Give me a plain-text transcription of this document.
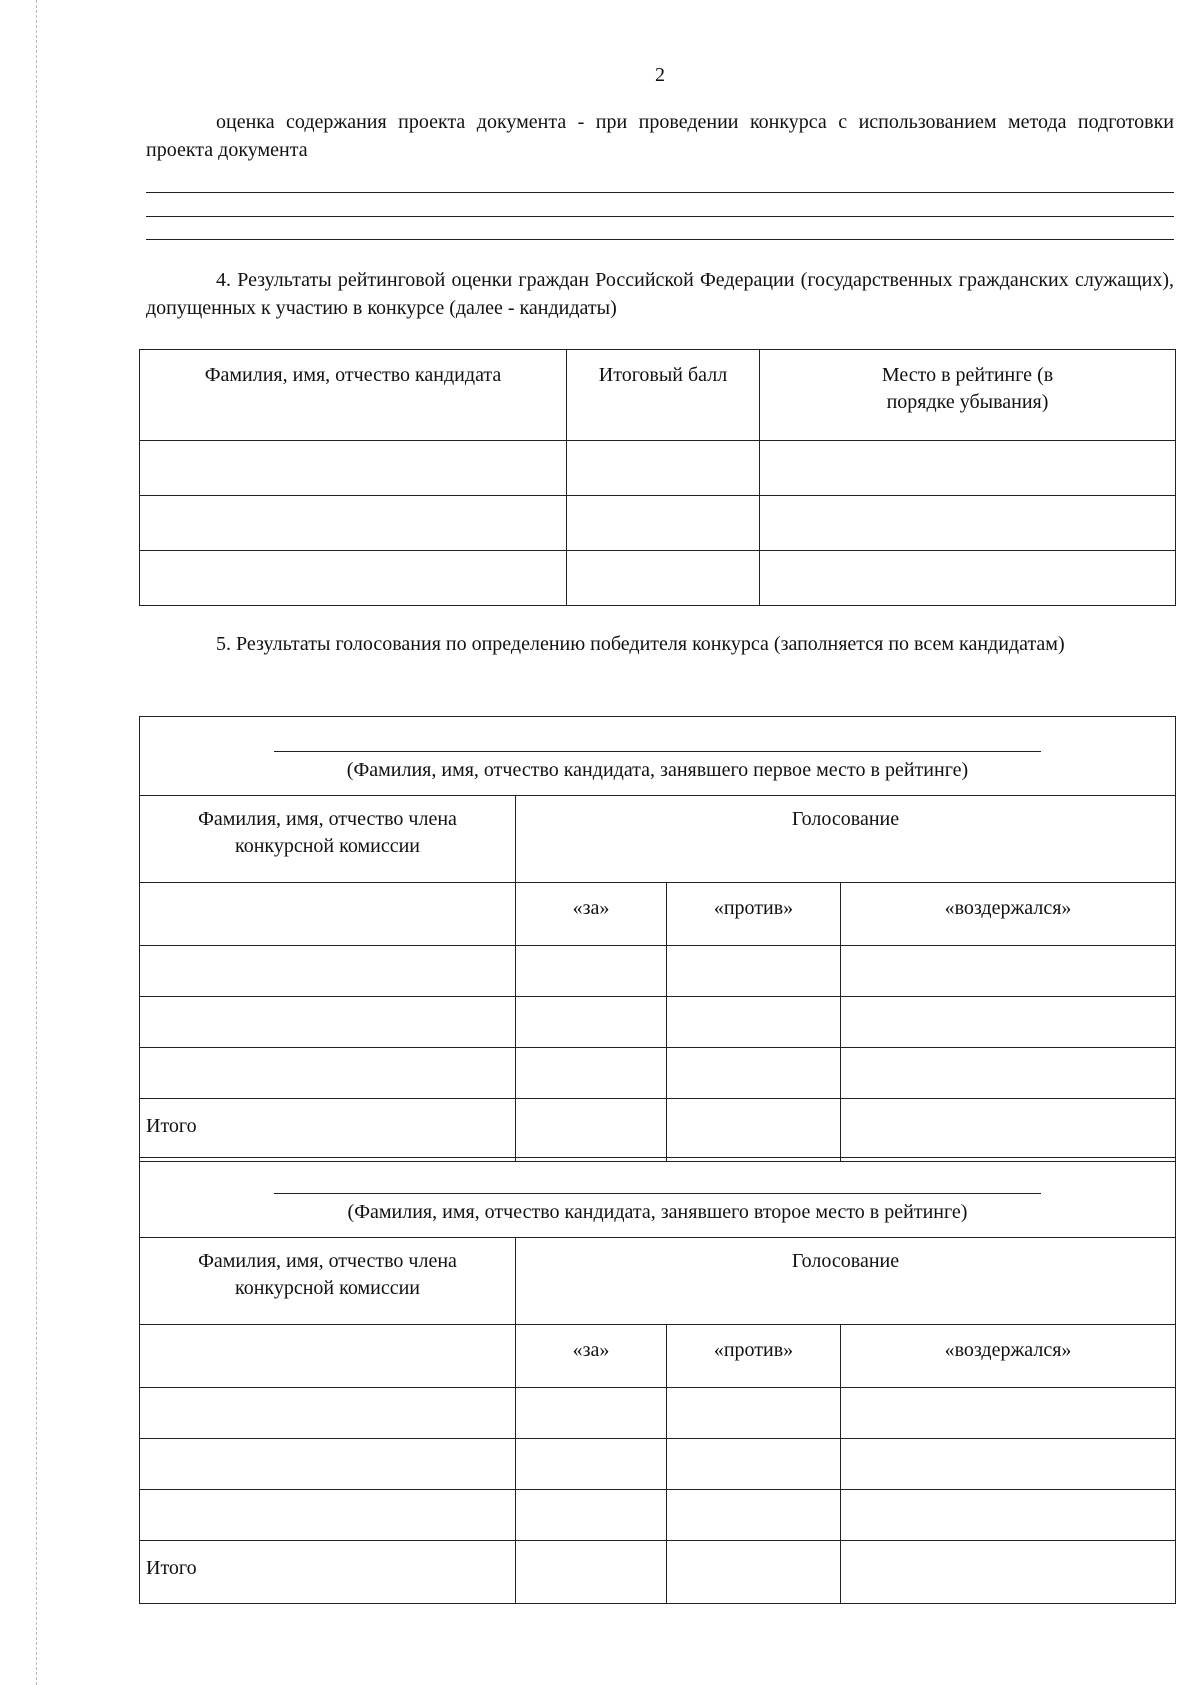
2

оценка содержания проекта документа - при проведении конкурса с использованием метода подготовки проекта документа

4. Результаты рейтинговой оценки граждан Российской Федерации (государственных гражданских служащих), допущенных к участию в конкурсе (далее - кандидаты)

Фамилия, имя, отчество кандидата	Итоговый балл	Место в рейтинге (в порядке убывания)

5. Результаты голосования по определению победителя конкурса (заполняется по всем кандидатам)

(Фамилия, имя, отчество кандидата, занявшего первое место в рейтинге)			

Фамилия, имя, отчество члена конкурсной комиссии	Голосование		
	«за»	«против»	«воздержался»

Итого			
(Фамилия, имя, отчество кандидата, занявшего второе место в рейтинге)			

Фамилия, имя, отчество члена конкурсной комиссии	Голосование		
	«за»	«против»	«воздержался»

Итого			
